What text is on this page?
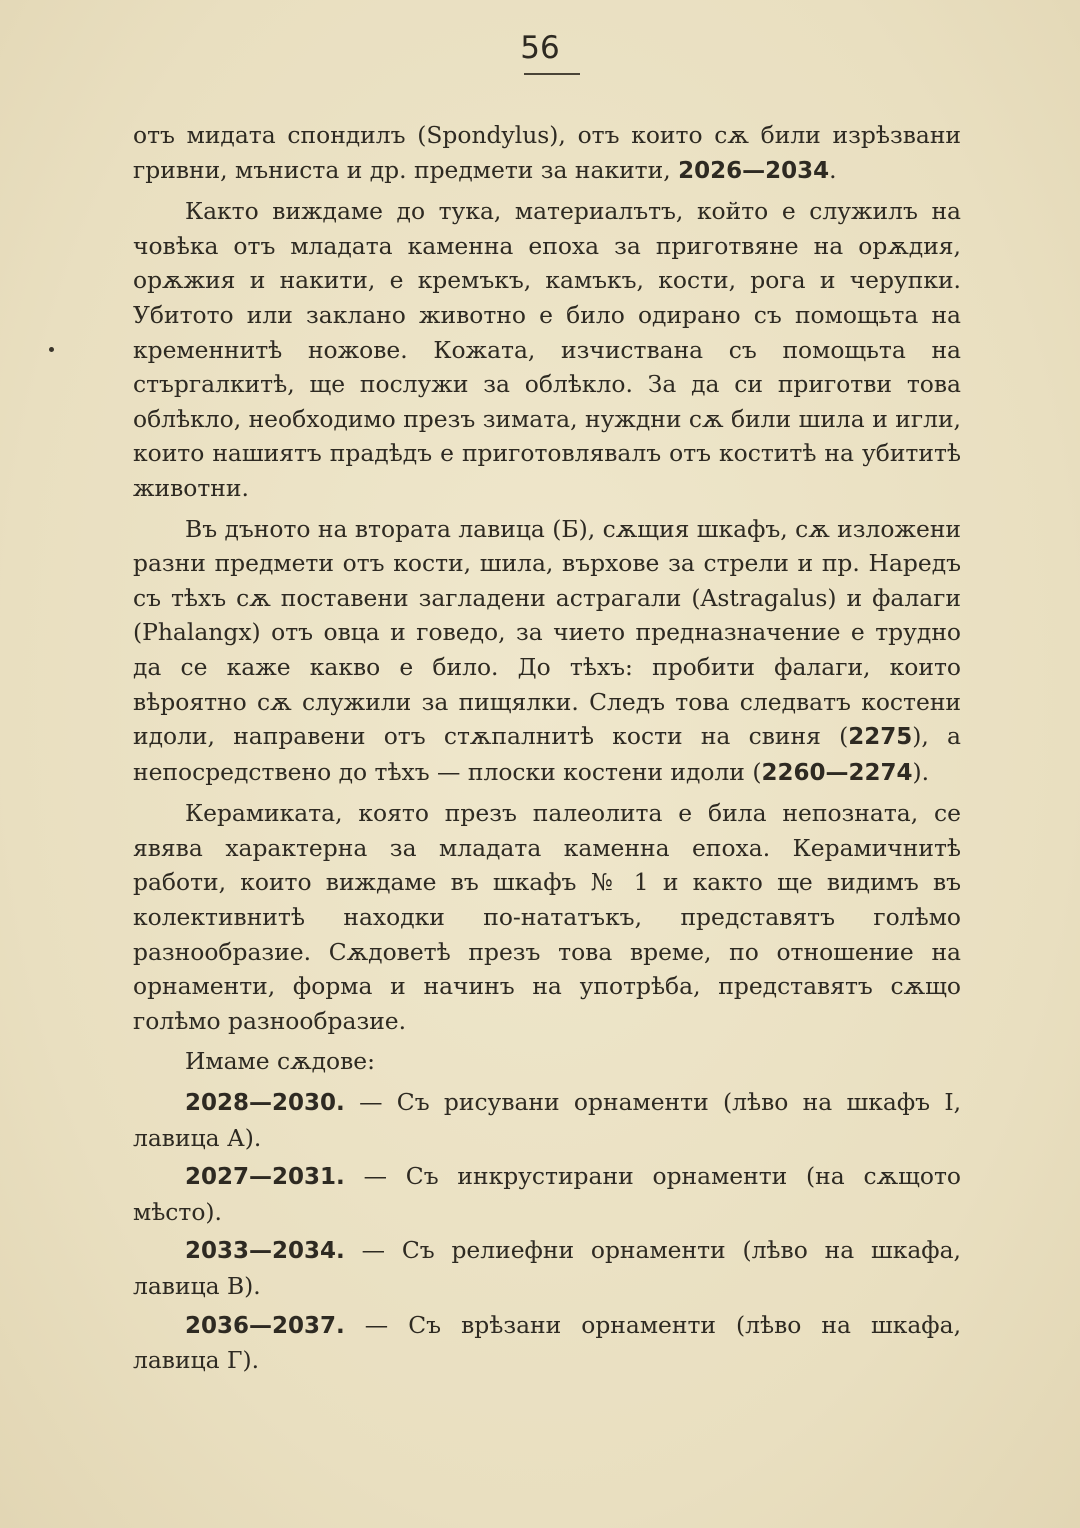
56

отъ мидата спондилъ (Spondylus), отъ които сѫ били изрѣзвани гривни, мъниста и др. предмети за накити, 2026—2034.

Както виждаме до тука, материалътъ, който е служилъ на човѣка отъ младата каменна епоха за приготвяне на орѫдия, орѫжия и накити, е кремъкъ, камъкъ, кости, рога и черупки. Убитото или заклано животно е било одирано съ помощьта на кременнитѣ ножове. Кожата, изчиствана съ помощьта на стъргалкитѣ, ще послужи за облѣкло. За да си приготви това облѣкло, необходимо презъ зимата, нуждни сѫ били шила и игли, които нашиятъ прадѣдъ е приготовлявалъ отъ коститѣ на убититѣ животни.

Въ дъното на втората лавица (Б), сѫщия шкафъ, сѫ изложени разни предмети отъ кости, шила, върхове за стрели и пр. Наредъ съ тѣхъ сѫ поставени загладени астрагали (Astragalus) и фалаги (Phalangx) отъ овца и говедо, за чието предназначение е трудно да се каже какво е било. До тѣхъ: пробити фалаги, които вѣроятно сѫ служили за пищялки. Следъ това следватъ костени идоли, направени отъ стѫпалнитѣ кости на свиня (2275), а непосредствено до тѣхъ — плоски костени идоли (2260—2274).

Керамиката, която презъ палеолита е била непозната, се явява характерна за младата каменна епоха. Керамичнитѣ работи, които виждаме въ шкафъ № 1 и както ще видимъ въ колективнитѣ находки по-нататъкъ, представятъ голѣмо разнообразие. Сѫдоветѣ презъ това време, по отношение на орнаменти, форма и начинъ на употрѣба, представятъ сѫщо голѣмо разнообразие.

Имаме сѫдове:

2028—2030. — Съ рисувани орнаменти (лѣво на шкафъ I, лавица А).

2027—2031. — Съ инкрустирани орнаменти (на сѫщото мѣсто).

2033—2034. — Съ релиефни орнаменти (лѣво на шкафа, лавица В).

2036—2037. — Съ врѣзани орнаменти (лѣво на шкафа, лавица Г).
